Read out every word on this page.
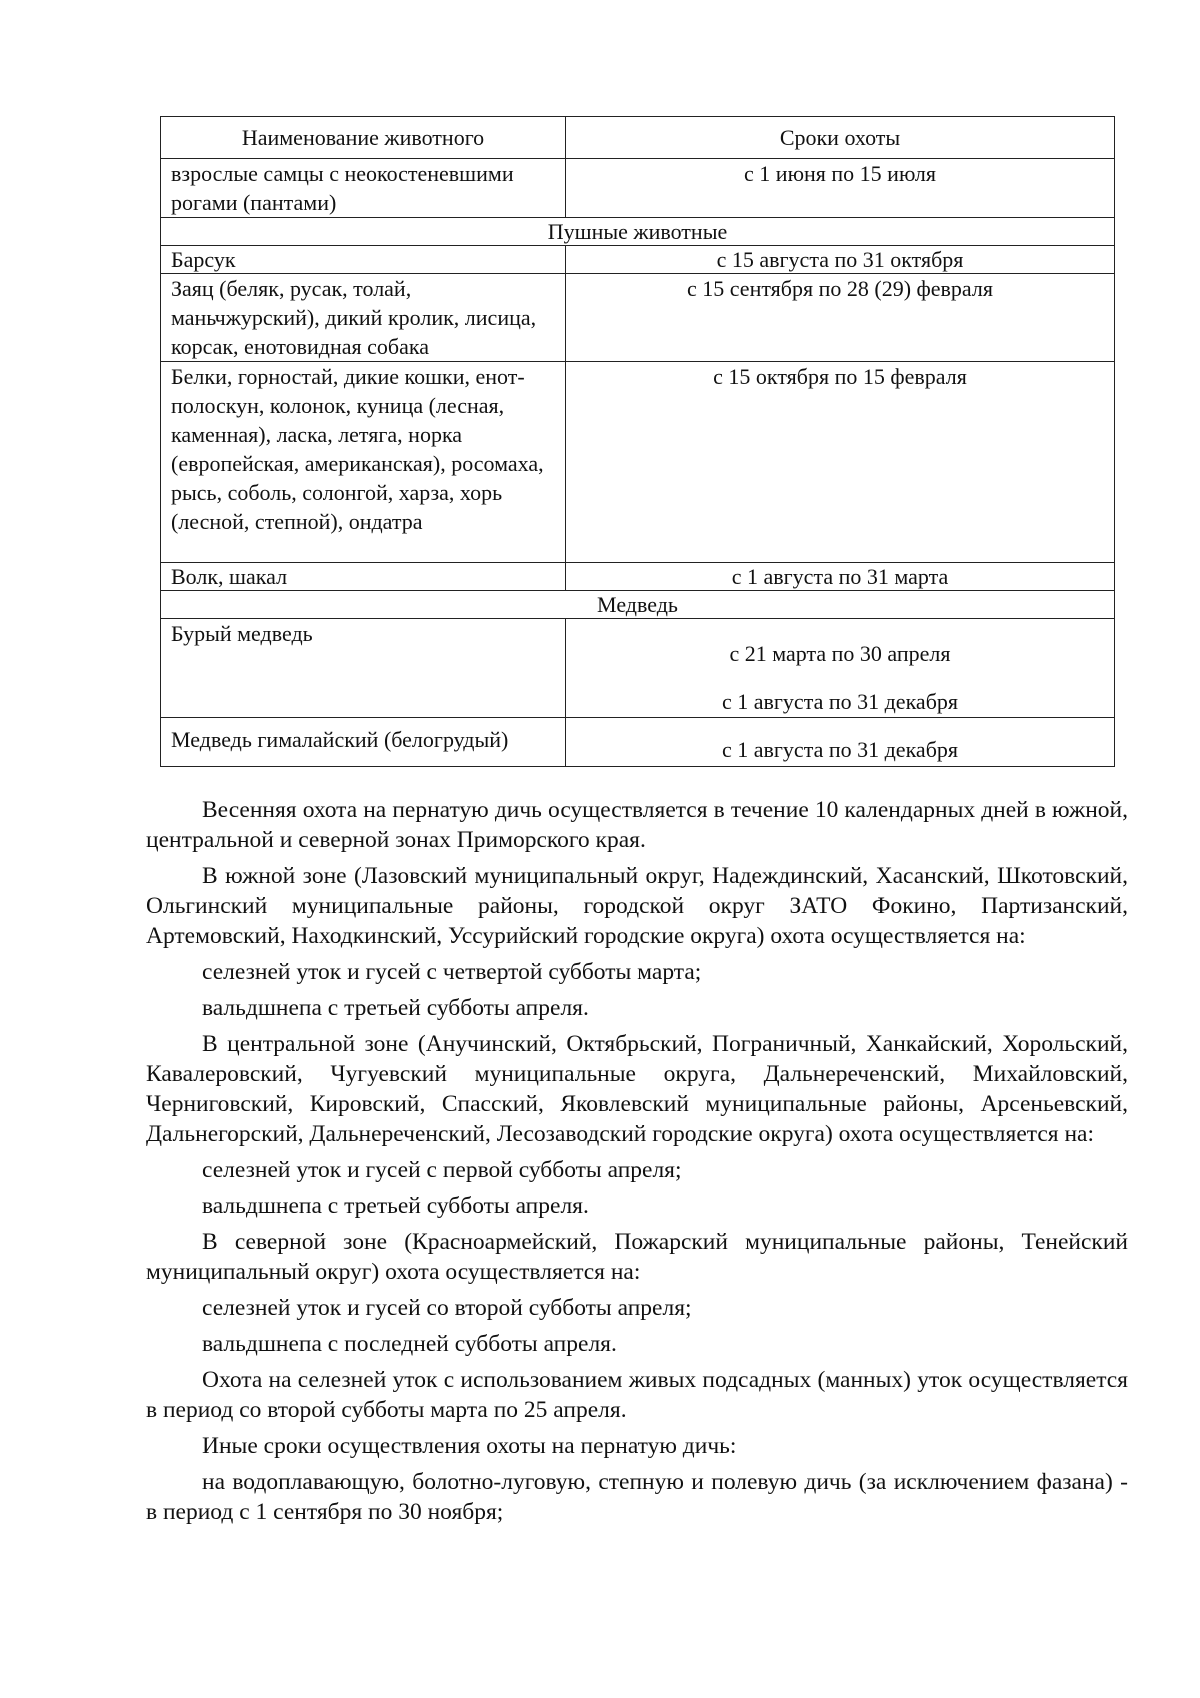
Наименование животного	Сроки охоты
взрослые самцы с неокостеневшими рогами (пантами)	с 1 июня по 15 июля
Пушные животные	
Барсук	с 15 августа по 31 октября
Заяц (беляк, русак, толай, маньчжурский), дикий кролик, лисица, корсак, енотовидная собака	с 15 сентября по 28 (29) февраля
Белки, горностай, дикие кошки, енот-полоскун, колонок, куница (лесная, каменная), ласка, летяга, норка (европейская, американская), росомаха, рысь, соболь, солонгой, харза, хорь (лесной, степной), ондатра	с 15 октября по 15 февраля
Волк, шакал	с 1 августа по 31 марта
Медведь	
Бурый медведь	с 21 марта по 30 апреля
с 1 августа по 31 декабря

Медведь гималайский (белогрудый)	с 1 августа по 31 декабря

Весенняя охота на пернатую дичь осуществляется в течение 10 календарных дней в южной, центральной и северной зонах Приморского края.

В южной зоне (Лазовский муниципальный округ, Надеждинский, Хасанский, Шкотовский, Ольгинский муниципальные районы, городской округ ЗАТО Фокино, Партизанский, Артемовский, Находкинский, Уссурийский городские округа) охота осуществляется на:

селезней уток и гусей с четвертой субботы марта;

вальдшнепа с третьей субботы апреля.

В центральной зоне (Анучинский, Октябрьский, Пограничный, Ханкайский, Хорольский, Кавалеровский, Чугуевский муниципальные округа, Дальнереченский, Михайловский, Черниговский, Кировский, Спасский, Яковлевский муниципальные районы, Арсеньевский, Дальнегорский, Дальнереченский, Лесозаводский городские округа) охота осуществляется на:

селезней уток и гусей с первой субботы апреля;

вальдшнепа с третьей субботы апреля.

В северной зоне (Красноармейский, Пожарский муниципальные районы, Тенейский муниципальный округ) охота осуществляется на:

селезней уток и гусей со второй субботы апреля;

вальдшнепа с последней субботы апреля.

Охота на селезней уток с использованием живых подсадных (манных) уток осуществляется в период со второй субботы марта по 25 апреля.

Иные сроки осуществления охоты на пернатую дичь:

на водоплавающую, болотно-луговую, степную и полевую дичь (за исключением фазана) - в период с 1 сентября по 30 ноября;
